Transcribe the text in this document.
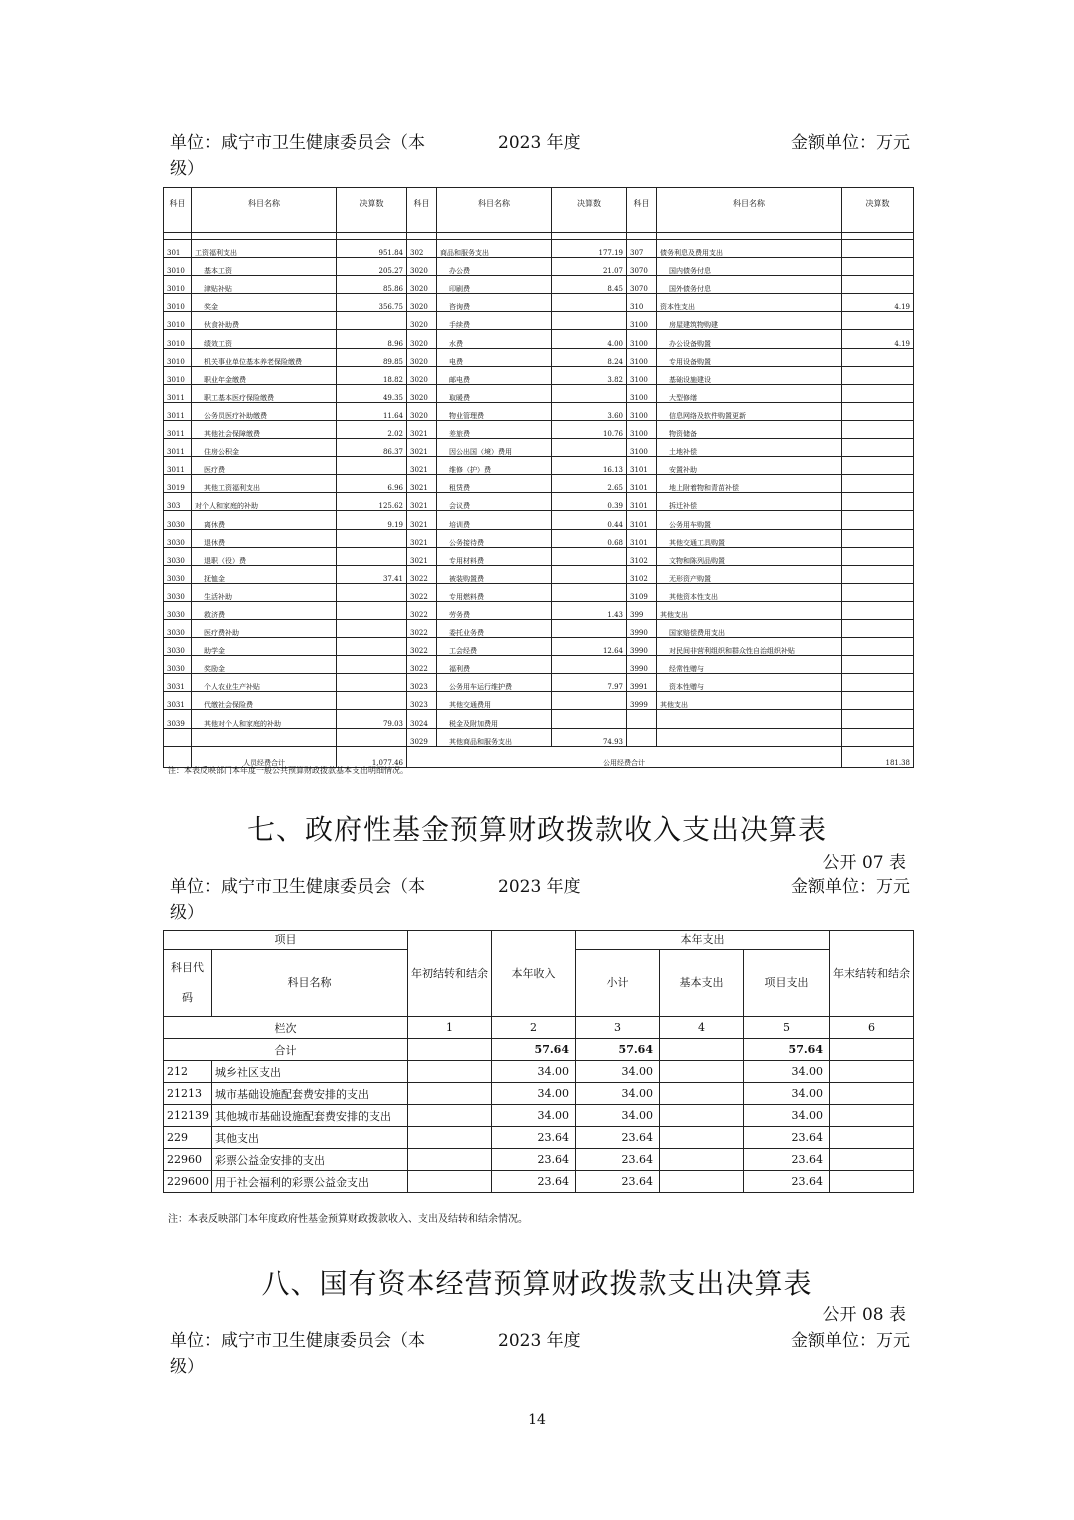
单位：咸宁市卫生健康委员会（本
级）
2023 年度	金额单位：万元
科目	科目名称	决算数	科目	科目名称	决算数	科目	科目名称	决算数

301	工资福利支出	951.84	302	商品和服务支出	177.19	307	债务利息及费用支出	
3010	基本工资	205.27	3020	办公费	21.07	3070	国内债务付息	
3010	津贴补贴	85.86	3020	印刷费	8.45	3070	国外债务付息	
3010	奖金	356.75	3020	咨询费		310	资本性支出	4.19
3010	伙食补助费		3020	手续费		3100	房屋建筑物购建	
3010	绩效工资	8.96	3020	水费	4.00	3100	办公设备购置	4.19
3010	机关事业单位基本养老保险缴费	89.85	3020	电费	8.24	3100	专用设备购置	
3010	职业年金缴费	18.82	3020	邮电费	3.82	3100	基础设施建设	
3011	职工基本医疗保险缴费	49.35	3020	取暖费		3100	大型修缮	
3011	公务员医疗补助缴费	11.64	3020	物业管理费	3.60	3100	信息网络及软件购置更新	
3011	其他社会保障缴费	2.02	3021	差旅费	10.76	3100	物资储备	
3011	住房公积金	86.37	3021	因公出国（境）费用		3100	土地补偿	
3011	医疗费		3021	维修（护）费	16.13	3101	安置补助	
3019	其他工资福利支出	6.96	3021	租赁费	2.65	3101	地上附着物和青苗补偿	
303	对个人和家庭的补助	125.62	3021	会议费	0.39	3101	拆迁补偿	
3030	离休费	9.19	3021	培训费	0.44	3101	公务用车购置	
3030	退休费		3021	公务接待费	0.68	3101	其他交通工具购置	
3030	退职（役）费		3021	专用材料费		3102	文物和陈列品购置	
3030	抚恤金	37.41	3022	被装购置费		3102	无形资产购置	
3030	生活补助		3022	专用燃料费		3109	其他资本性支出	
3030	救济费		3022	劳务费	1.43	399	其他支出	
3030	医疗费补助		3022	委托业务费		3990	国家赔偿费用支出	
3030	助学金		3022	工会经费	12.64	3990	对民间非营利组织和群众性自治组织补贴	
3030	奖励金		3022	福利费		3990	经常性赠与	
3031	个人农业生产补贴		3023	公务用车运行维护费	7.97	3991	资本性赠与	
3031	代缴社会保险费		3023	其他交通费用		3999	其他支出	
3039	其他对个人和家庭的补助	79.03	3024	税金及附加费用				
			3029	其他商品和服务支出	74.93			
	人员经费合计	1,077.46	公用经费合计					181.38
注：本表反映部门本年度一般公共预算财政拨款基本支出明细情况。
七、政府性基金预算财政拨款收入支出决算表
公开 07 表
单位：咸宁市卫生健康委员会（本
级）
2023 年度	金额单位：万元
项目		年初结转和结余	本年收入	本年支出			年末结转和结余
科目代码	科目名称			小计	基本支出	项目支出	
栏次		1	2	3	4	5	6
合计			57.64	57.64		57.64	
212	城乡社区支出		34.00	34.00		34.00	
21213	城市基础设施配套费安排的支出		34.00	34.00		34.00	
212139	其他城市基础设施配套费安排的支出		34.00	34.00		34.00	
229	其他支出		23.64	23.64		23.64	
22960	彩票公益金安排的支出		23.64	23.64		23.64	
229600	用于社会福利的彩票公益金支出		23.64	23.64		23.64	
注：本表反映部门本年度政府性基金预算财政拨款收入、支出及结转和结余情况。
八、国有资本经营预算财政拨款支出决算表
公开 08 表
单位：咸宁市卫生健康委员会（本
级）
2023 年度	金额单位：万元
14
